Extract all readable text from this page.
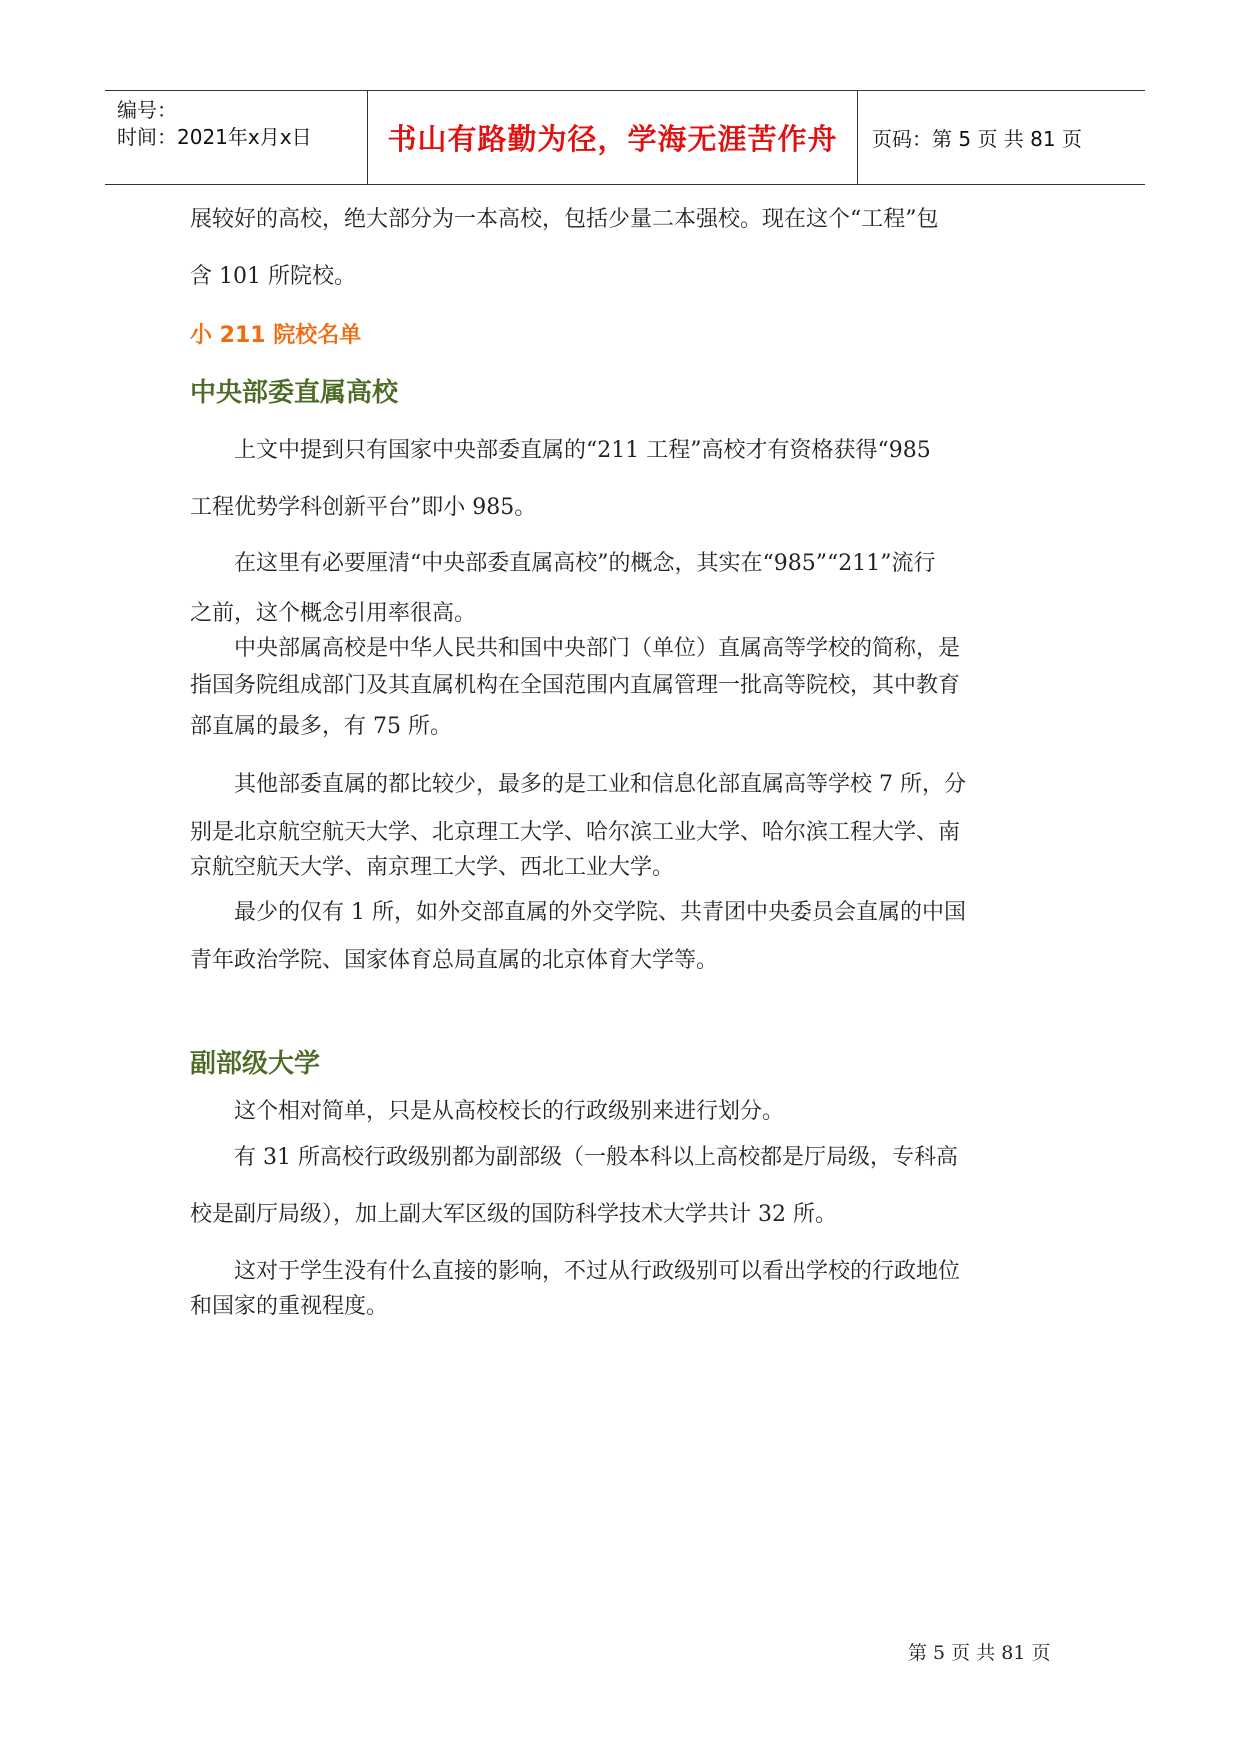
编号：
时间：2021年x月x日	书山有路勤为径，学海无涯苦作舟 页码：第 5 页 共 81 页
展较好的高校，绝大部分为一本高校，包括少量二本强校。现在这个“工程”包
含 101 所院校。
小 211 院校名单
中央部委直属高校
上文中提到只有国家中央部委直属的“211 工程”高校才有资格获得“985
工程优势学科创新平台”即小 985。
在这里有必要厘清“中央部委直属高校”的概念，其实在“985”“211”流行
之前，这个概念引用率很高。
中央部属高校是中华人民共和国中央部门（单位）直属高等学校的简称，是
指国务院组成部门及其直属机构在全国范围内直属管理一批高等院校，其中教育
部直属的最多，有 75 所。
其他部委直属的都比较少，最多的是工业和信息化部直属高等学校 7 所，分
别是北京航空航天大学、北京理工大学、哈尔滨工业大学、哈尔滨工程大学、南
京航空航天大学、南京理工大学、西北工业大学。
最少的仅有 1 所，如外交部直属的外交学院、共青团中央委员会直属的中国
青年政治学院、国家体育总局直属的北京体育大学等。
副部级大学
这个相对简单，只是从高校校长的行政级别来进行划分。
有 31 所高校行政级别都为副部级（一般本科以上高校都是厅局级，专科高
校是副厅局级），加上副大军区级的国防科学技术大学共计 32 所。
这对于学生没有什么直接的影响，不过从行政级别可以看出学校的行政地位
和国家的重视程度。
第 5 页 共 81 页
